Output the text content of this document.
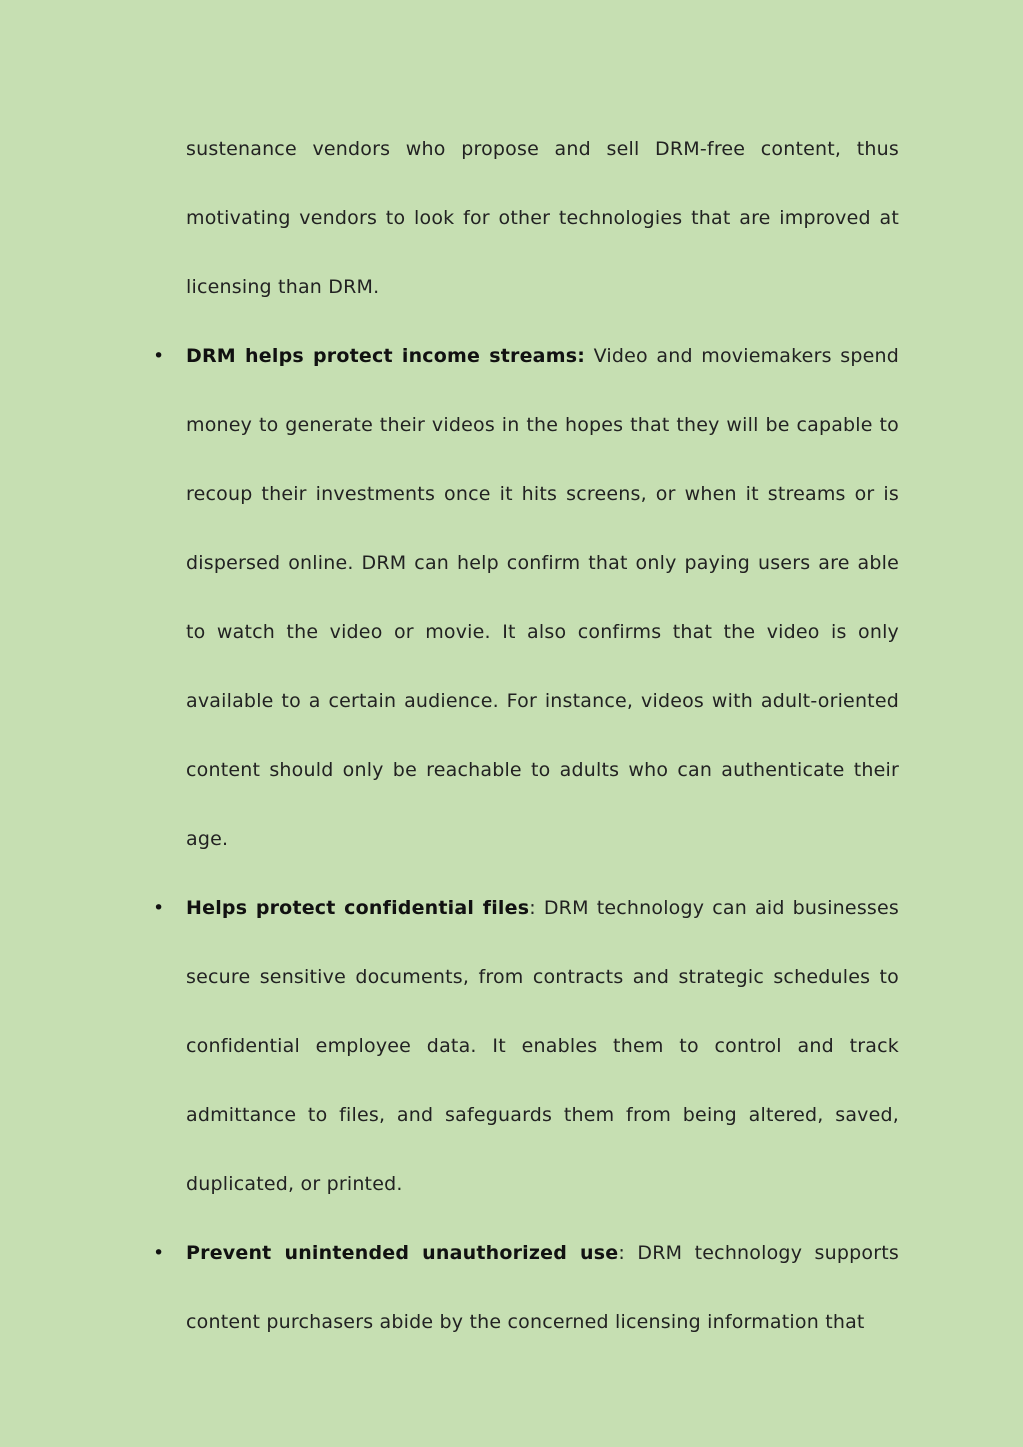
sustenance vendors who propose and sell DRM-free content, thus motivating vendors to look for other technologies that are improved at licensing than DRM.

• DRM helps protect income streams: Video and moviemakers spend money to generate their videos in the hopes that they will be capable to recoup their investments once it hits screens, or when it streams or is dispersed online. DRM can help confirm that only paying users are able to watch the video or movie. It also confirms that the video is only available to a certain audience. For instance, videos with adult-oriented content should only be reachable to adults who can authenticate their age.

• Helps protect confidential files: DRM technology can aid businesses secure sensitive documents, from contracts and strategic schedules to confidential employee data. It enables them to control and track admittance to files, and safeguards them from being altered, saved, duplicated, or printed.

• Prevent unintended unauthorized use: DRM technology supports content purchasers abide by the concerned licensing information that
